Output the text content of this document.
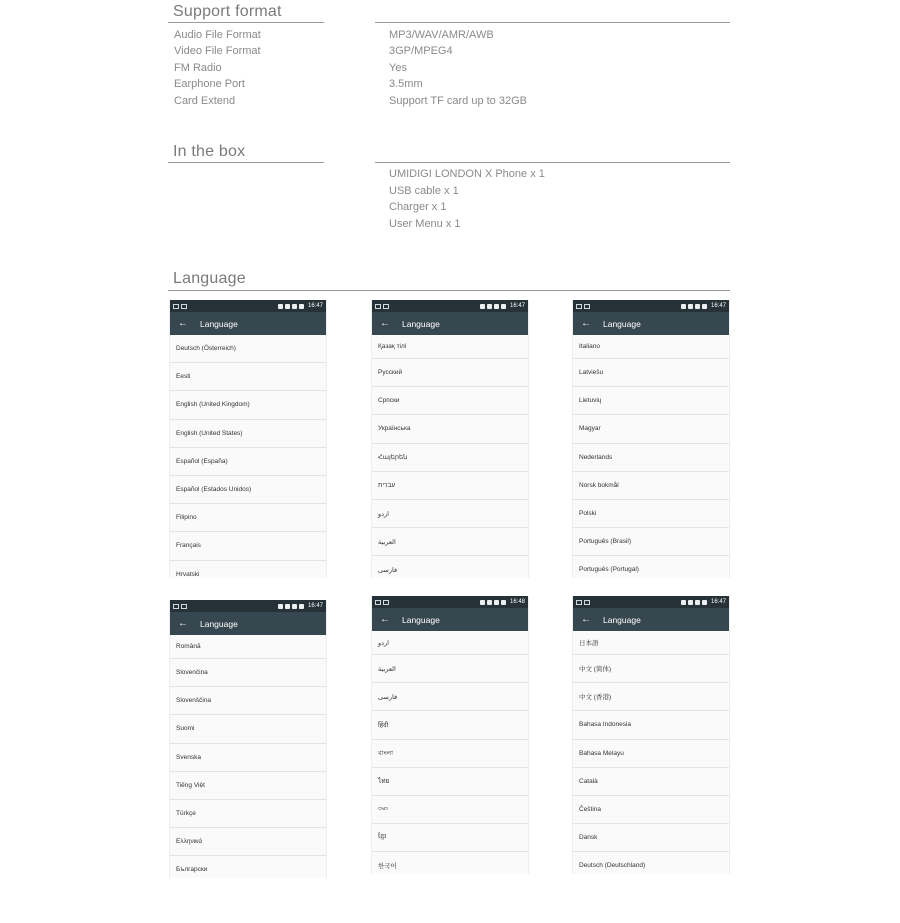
Support format
Audio File Format	MP3/WAV/AMR/AWB
Video File Format	3GP/MPEG4
FM Radio	Yes
Earphone Port	3.5mm
Card Extend	Support TF card up to 32GB
In the box
UMIDIGI LONDON X Phone x 1
USB cable x 1
Charger x 1
User Menu x 1
Language
16:47
←	Language
Deutsch (Österreich)
Eesti
English (United Kingdom)
English (United States)
Español (España)
Español (Estados Unidos)
Filipino
Français
Hrvatski
16:47
←	Language
Қазақ тілі
Русский
Српски
Українська
Հայերեն
עברית
اردو
العربية
فارسی
16:47
←	Language
Italiano
Latviešu
Lietuvių
Magyar
Nederlands
Norsk bokmål
Polski
Português (Brasil)
Português (Portugal)
16:47
←	Language
Română
Slovenčina
Slovenščina
Suomi
Svenska
Tiếng Việt
Türkçe
Ελληνικά
Български
16:48
←	Language
اردو
العربية
فارسی
हिंदी
বাংলা
ไทย
ဗမာ
ខ្មែរ
한국어
16:47
←	Language
日本語
中文 (简体)
中文 (香港)
Bahasa Indonesia
Bahasa Melayu
Català
Čeština
Dansk
Deutsch (Deutschland)
